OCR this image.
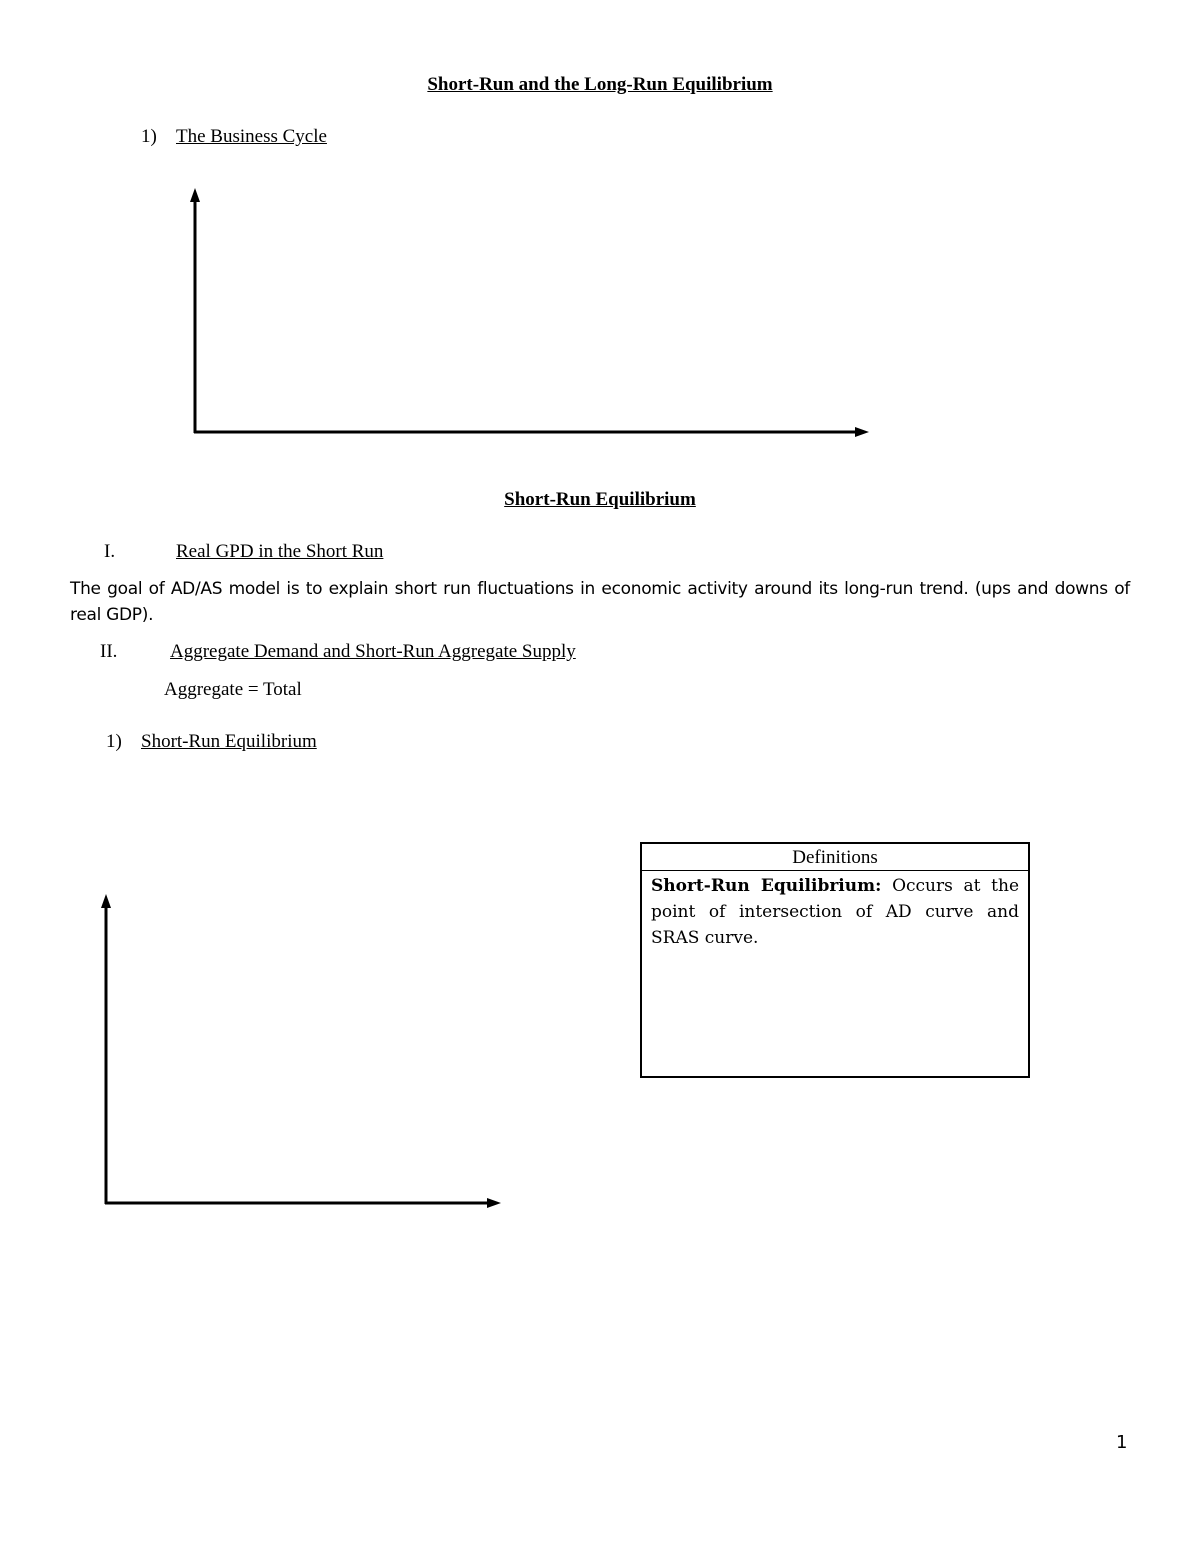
Short-Run and the Long-Run Equilibrium
1) The Business Cycle
Short-Run Equilibrium
I.	Real GPD in the Short Run
The goal of AD/AS model is to explain short run fluctuations in economic activity around its long-run trend. (ups and downs of real GDP).
II.	Aggregate Demand and Short-Run Aggregate Supply
Aggregate = Total
1) Short-Run Equilibrium
Definitions
Short-Run Equilibrium: Occurs at the point of intersection of AD curve and SRAS curve.
1
